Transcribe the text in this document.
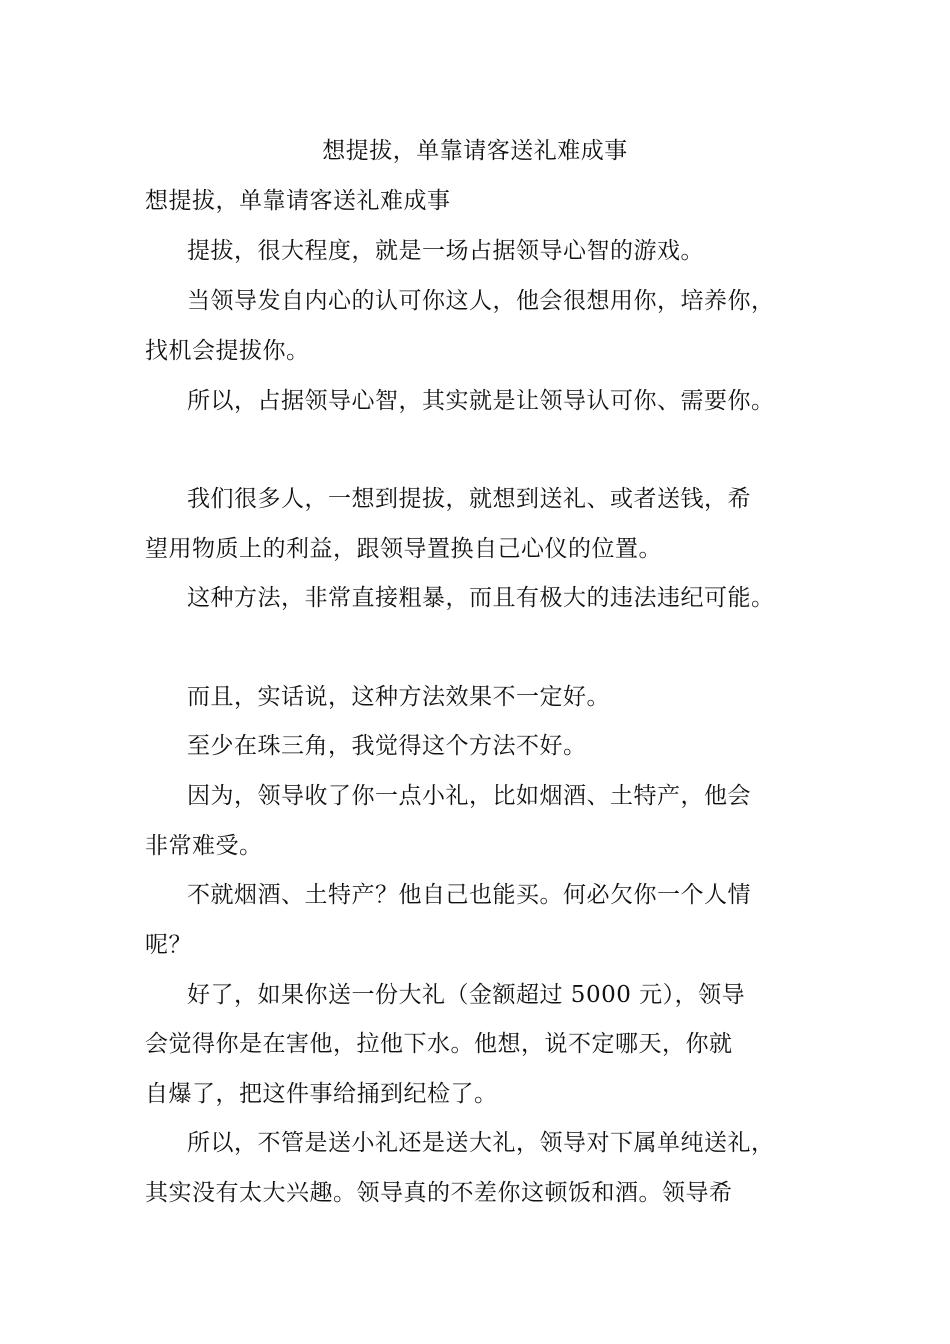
想提拔，单靠请客送礼难成事
想提拔，单靠请客送礼难成事
提拔，很大程度，就是一场占据领导心智的游戏。
当领导发自内心的认可你这人，他会很想用你，培养你，
找机会提拔你。
所以，占据领导心智，其实就是让领导认可你、需要你。
我们很多人，一想到提拔，就想到送礼、或者送钱，希
望用物质上的利益，跟领导置换自己心仪的位置。
这种方法，非常直接粗暴，而且有极大的违法违纪可能。
而且，实话说，这种方法效果不一定好。
至少在珠三角，我觉得这个方法不好。
因为，领导收了你一点小礼，比如烟酒、土特产，他会
非常难受。
不就烟酒、土特产？他自己也能买。何必欠你一个人情
呢？
好了，如果你送一份大礼（金额超过 5000 元），领导
会觉得你是在害他，拉他下水。他想，说不定哪天，你就
自爆了，把这件事给捅到纪检了。
所以，不管是送小礼还是送大礼，领导对下属单纯送礼，
其实没有太大兴趣。领导真的不差你这顿饭和酒。领导希
